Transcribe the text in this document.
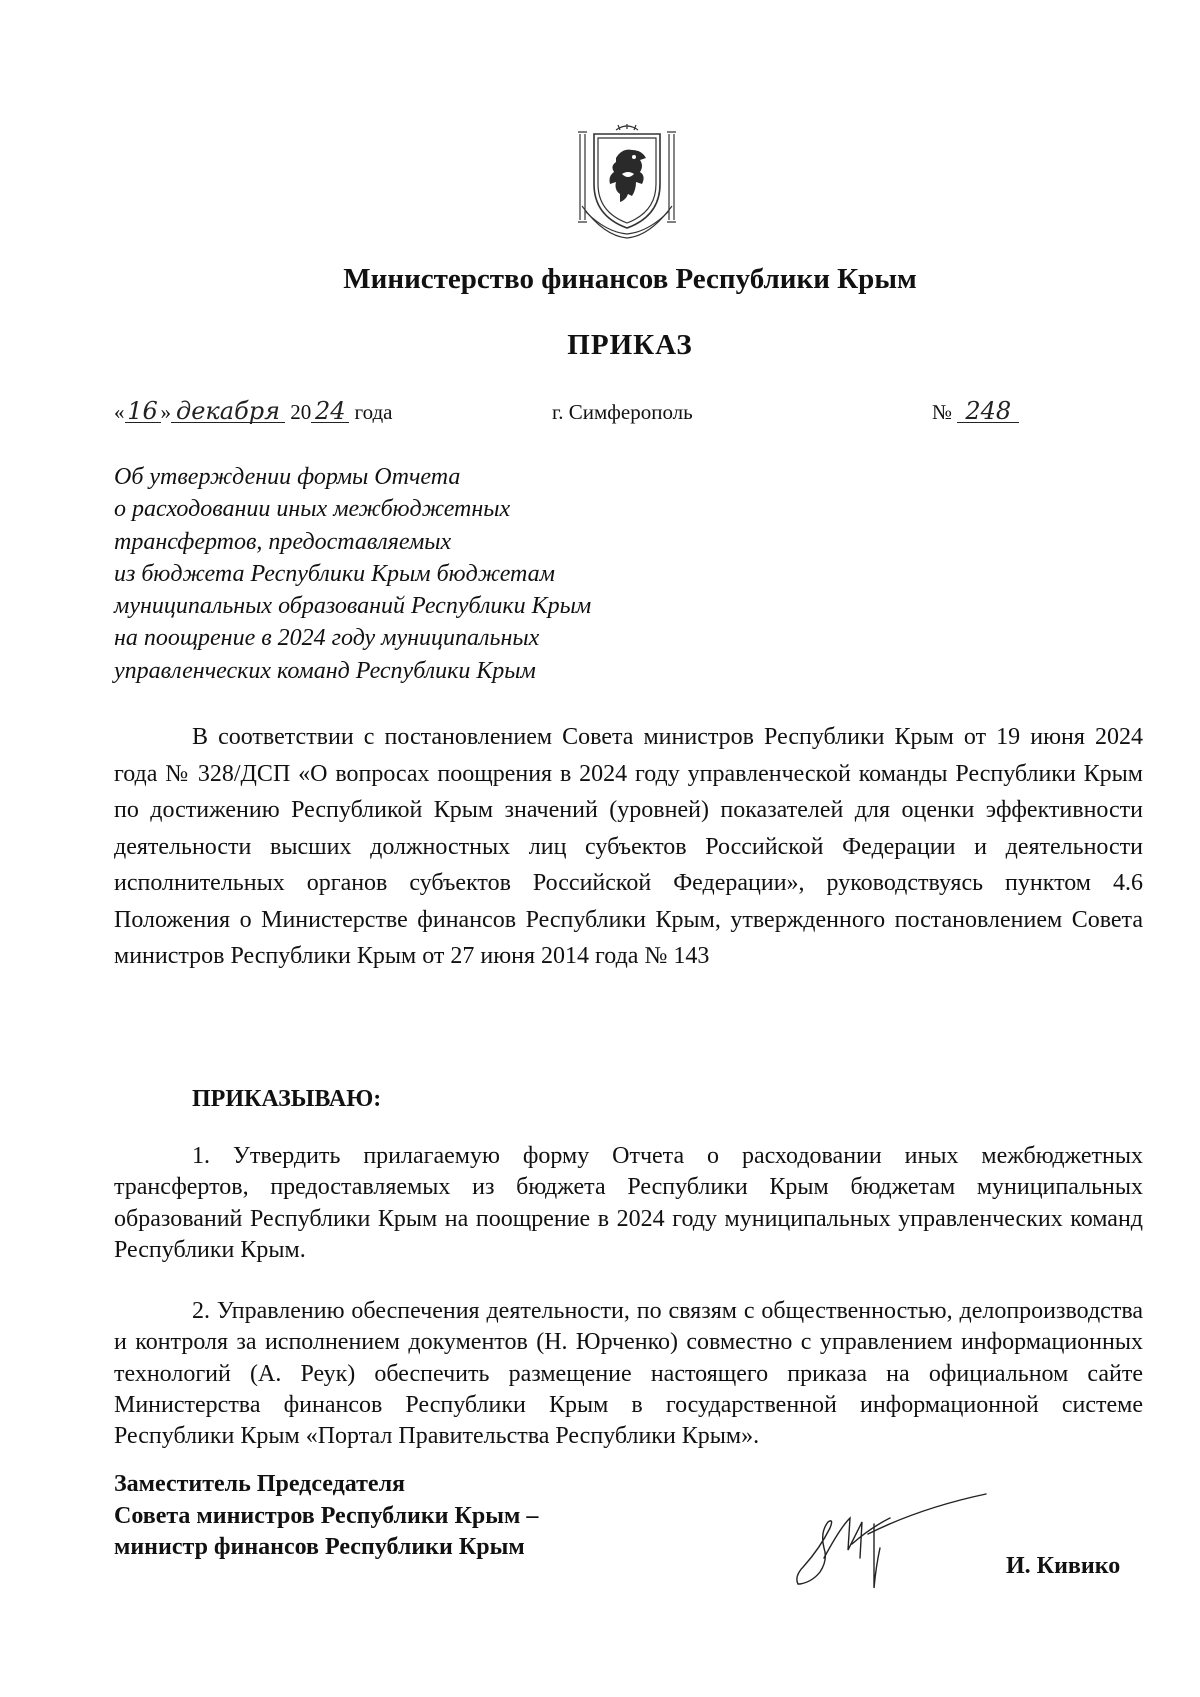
Министерство финансов Республики Крым
ПРИКАЗ
« 16 » декабря 20 24 года	г. Симферополь	№ 248
Об утверждении формы Отчета
о расходовании иных межбюджетных
трансфертов, предоставляемых
из бюджета Республики Крым бюджетам
муниципальных образований Республики Крым
на поощрение в 2024 году муниципальных
управленческих команд Республики Крым

В соответствии с постановлением Совета министров Республики Крым от 19 июня 2024 года № 328/ДСП «О вопросах поощрения в 2024 году управленческой команды Республики Крым по достижению Республикой Крым значений (уровней) показателей для оценки эффективности деятельности высших должностных лиц субъектов Российской Федерации и деятельности исполнительных органов субъектов Российской Федерации», руководствуясь пунктом 4.6 Положения о Министерстве финансов Республики Крым, утвержденного постановлением Совета министров Республики Крым от 27 июня 2014 года № 143

ПРИКАЗЫВАЮ:

1. Утвердить прилагаемую форму Отчета о расходовании иных межбюджетных трансфертов, предоставляемых из бюджета Республики Крым бюджетам муниципальных образований Республики Крым на поощрение в 2024 году муниципальных управленческих команд Республики Крым.

2. Управлению обеспечения деятельности, по связям с общественностью, делопроизводства и контроля за исполнением документов (Н. Юрченко) совместно с управлением информационных технологий (А. Реук) обеспечить размещение настоящего приказа на официальном сайте Министерства финансов Республики Крым в государственной информационной системе Республики Крым «Портал Правительства Республики Крым».

Заместитель Председателя
Совета министров Республики Крым –
министр финансов Республики Крым
И. Кивико
